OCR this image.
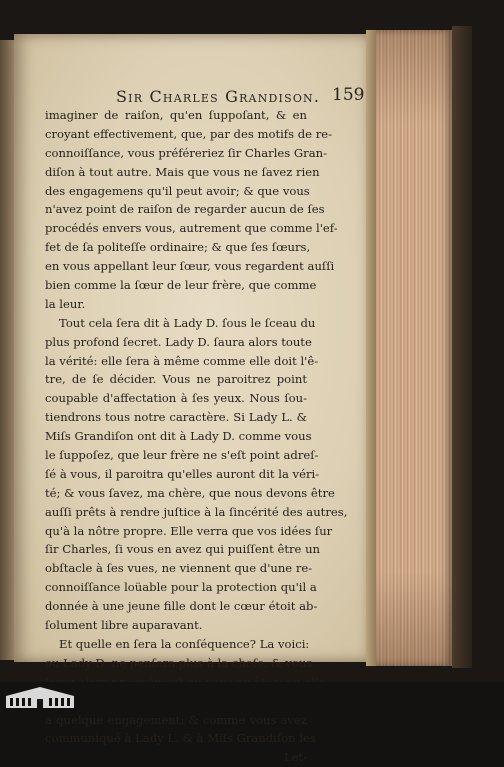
Sir Charles Grandison. 159
imaginer de raiſon, qu'en ſuppoſant, & en
croyant effectivement, que, par des motifs de re-
connoiſſance, vous préféreriez ſir Charles Gran-
diſon à tout autre. Mais que vous ne ſavez rien
des engagemens qu'il peut avoir; & que vous
n'avez point de raiſon de regarder aucun de ſes
procédés envers vous, autrement que comme l'ef-
fet de ſa politeſſe ordinaire; & que ſes ſœurs,
en vous appellant leur ſœur, vous regardent auſſi
bien comme la ſœur de leur frère, que comme
la leur.
Tout cela ſera dit à Lady D. ſous le ſceau du
plus profond ſecret. Lady D. ſaura alors toute
la vérité: elle ſera à même comme elle doit l'ê-
tre, de ſe décider. Vous ne paroitrez point
coupable d'affectation à ſes yeux. Nous ſou-
tiendrons tous notre caractère. Si Lady L. &
Miſs Grandiſon ont dit à Lady D. comme vous
le ſuppoſez, que leur frère ne s'eſt point adreſ-
ſé à vous, il paroitra qu'elles auront dit la véri-
té; & vous ſavez, ma chère, que nous devons être
auſſi prêts à rendre juſtice à la ſincérité des autres,
qu'à la nôtre propre. Elle verra que vos idées ſur
ſir Charles, ſi vous en avez qui puiſſent être un
obſtacle à ſes vues, ne viennent que d'une re-
connoiſſance loüable pour la protection qu'il a
donnée à une jeune fille dont le cœur étoit ab-
ſolument libre auparavant.
Et quelle en ſera la conſéquence? La voici:
ou Lady D. ne penſera plus à la choſe, & vous
a quelque engagement: & comme vous avez
communiqué à Lady L. & à Miſs Grandiſon les
Let-
